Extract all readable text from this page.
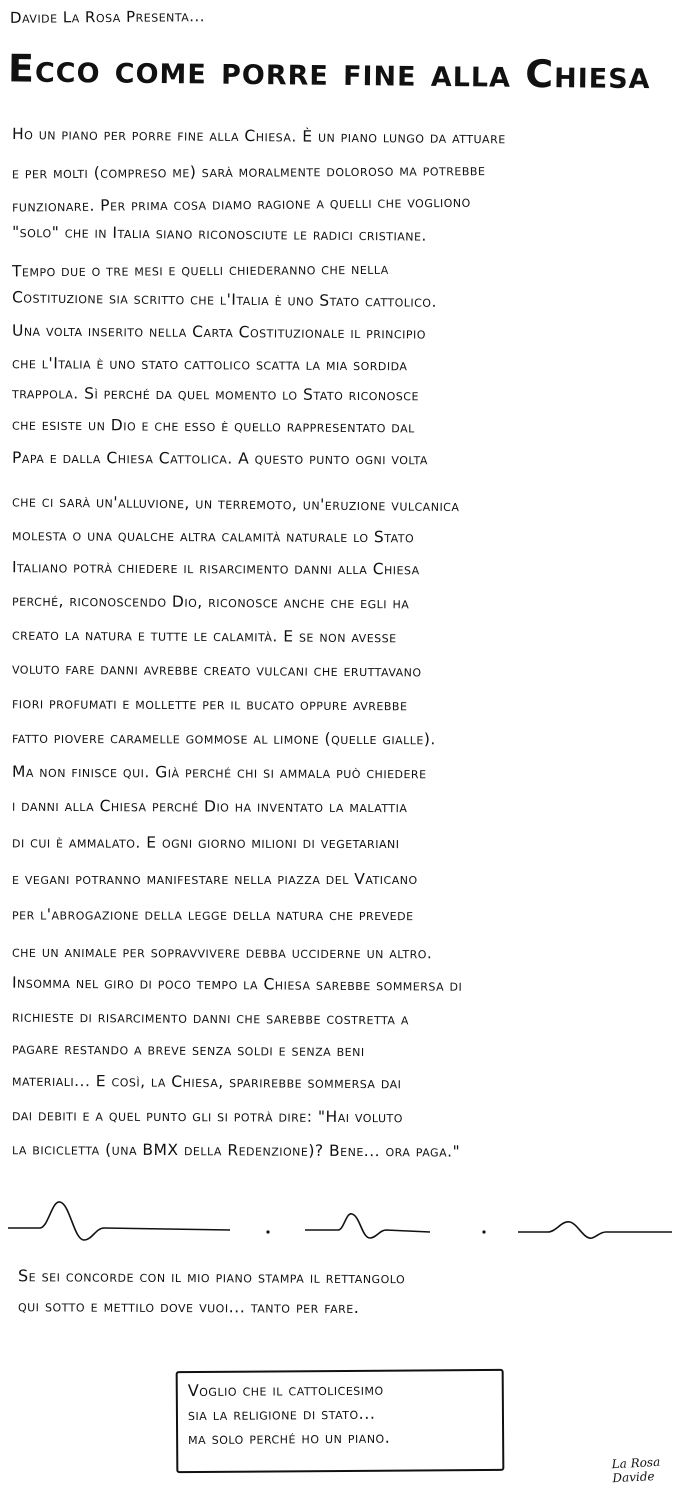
Davide La Rosa Presenta...
Ecco come porre fine alla Chiesa
Ho un piano per porre fine alla Chiesa. È un piano lungo da attuare
e per molti (compreso me) sarà moralmente doloroso ma potrebbe
funzionare. Per prima cosa diamo ragione a quelli che vogliono
"solo" che in Italia siano riconosciute le radici cristiane.
Tempo due o tre mesi e quelli chiederanno che nella
Costituzione sia scritto che l'Italia è uno Stato cattolico.
Una volta inserito nella Carta Costituzionale il principio
che l'Italia è uno stato cattolico scatta la mia sordida
trappola. Sì perché da quel momento lo Stato riconosce
che esiste un Dio e che esso è quello rappresentato dal
Papa e dalla Chiesa Cattolica. A questo punto ogni volta
che ci sarà un'alluvione, un terremoto, un'eruzione vulcanica
molesta o una qualche altra calamità naturale lo Stato
Italiano potrà chiedere il risarcimento danni alla Chiesa
perché, riconoscendo Dio, riconosce anche che egli ha
creato la natura e tutte le calamità. E se non avesse
voluto fare danni avrebbe creato vulcani che eruttavano
fiori profumati e mollette per il bucato oppure avrebbe
fatto piovere caramelle gommose al limone (quelle gialle).
Ma non finisce qui. Già perché chi si ammala può chiedere
i danni alla Chiesa perché Dio ha inventato la malattia
di cui è ammalato. E ogni giorno milioni di vegetariani
e vegani potranno manifestare nella piazza del Vaticano
per l'abrogazione della legge della natura che prevede
che un animale per sopravvivere debba ucciderne un altro.
Insomma nel giro di poco tempo la Chiesa sarebbe sommersa di
richieste di risarcimento danni che sarebbe costretta a
pagare restando a breve senza soldi e senza beni
materiali... E così, la Chiesa, sparirebbe sommersa dai
dai debiti e a quel punto gli si potrà dire: "Hai voluto
la bicicletta (una BMX della Redenzione)? Bene... ora paga."
Se sei concorde con il mio piano stampa il rettangolo
qui sotto e mettilo dove vuoi... tanto per fare.
Voglio che il cattolicesimo
sia la religione di stato...
ma solo perché ho un piano.
La Rosa Davide
